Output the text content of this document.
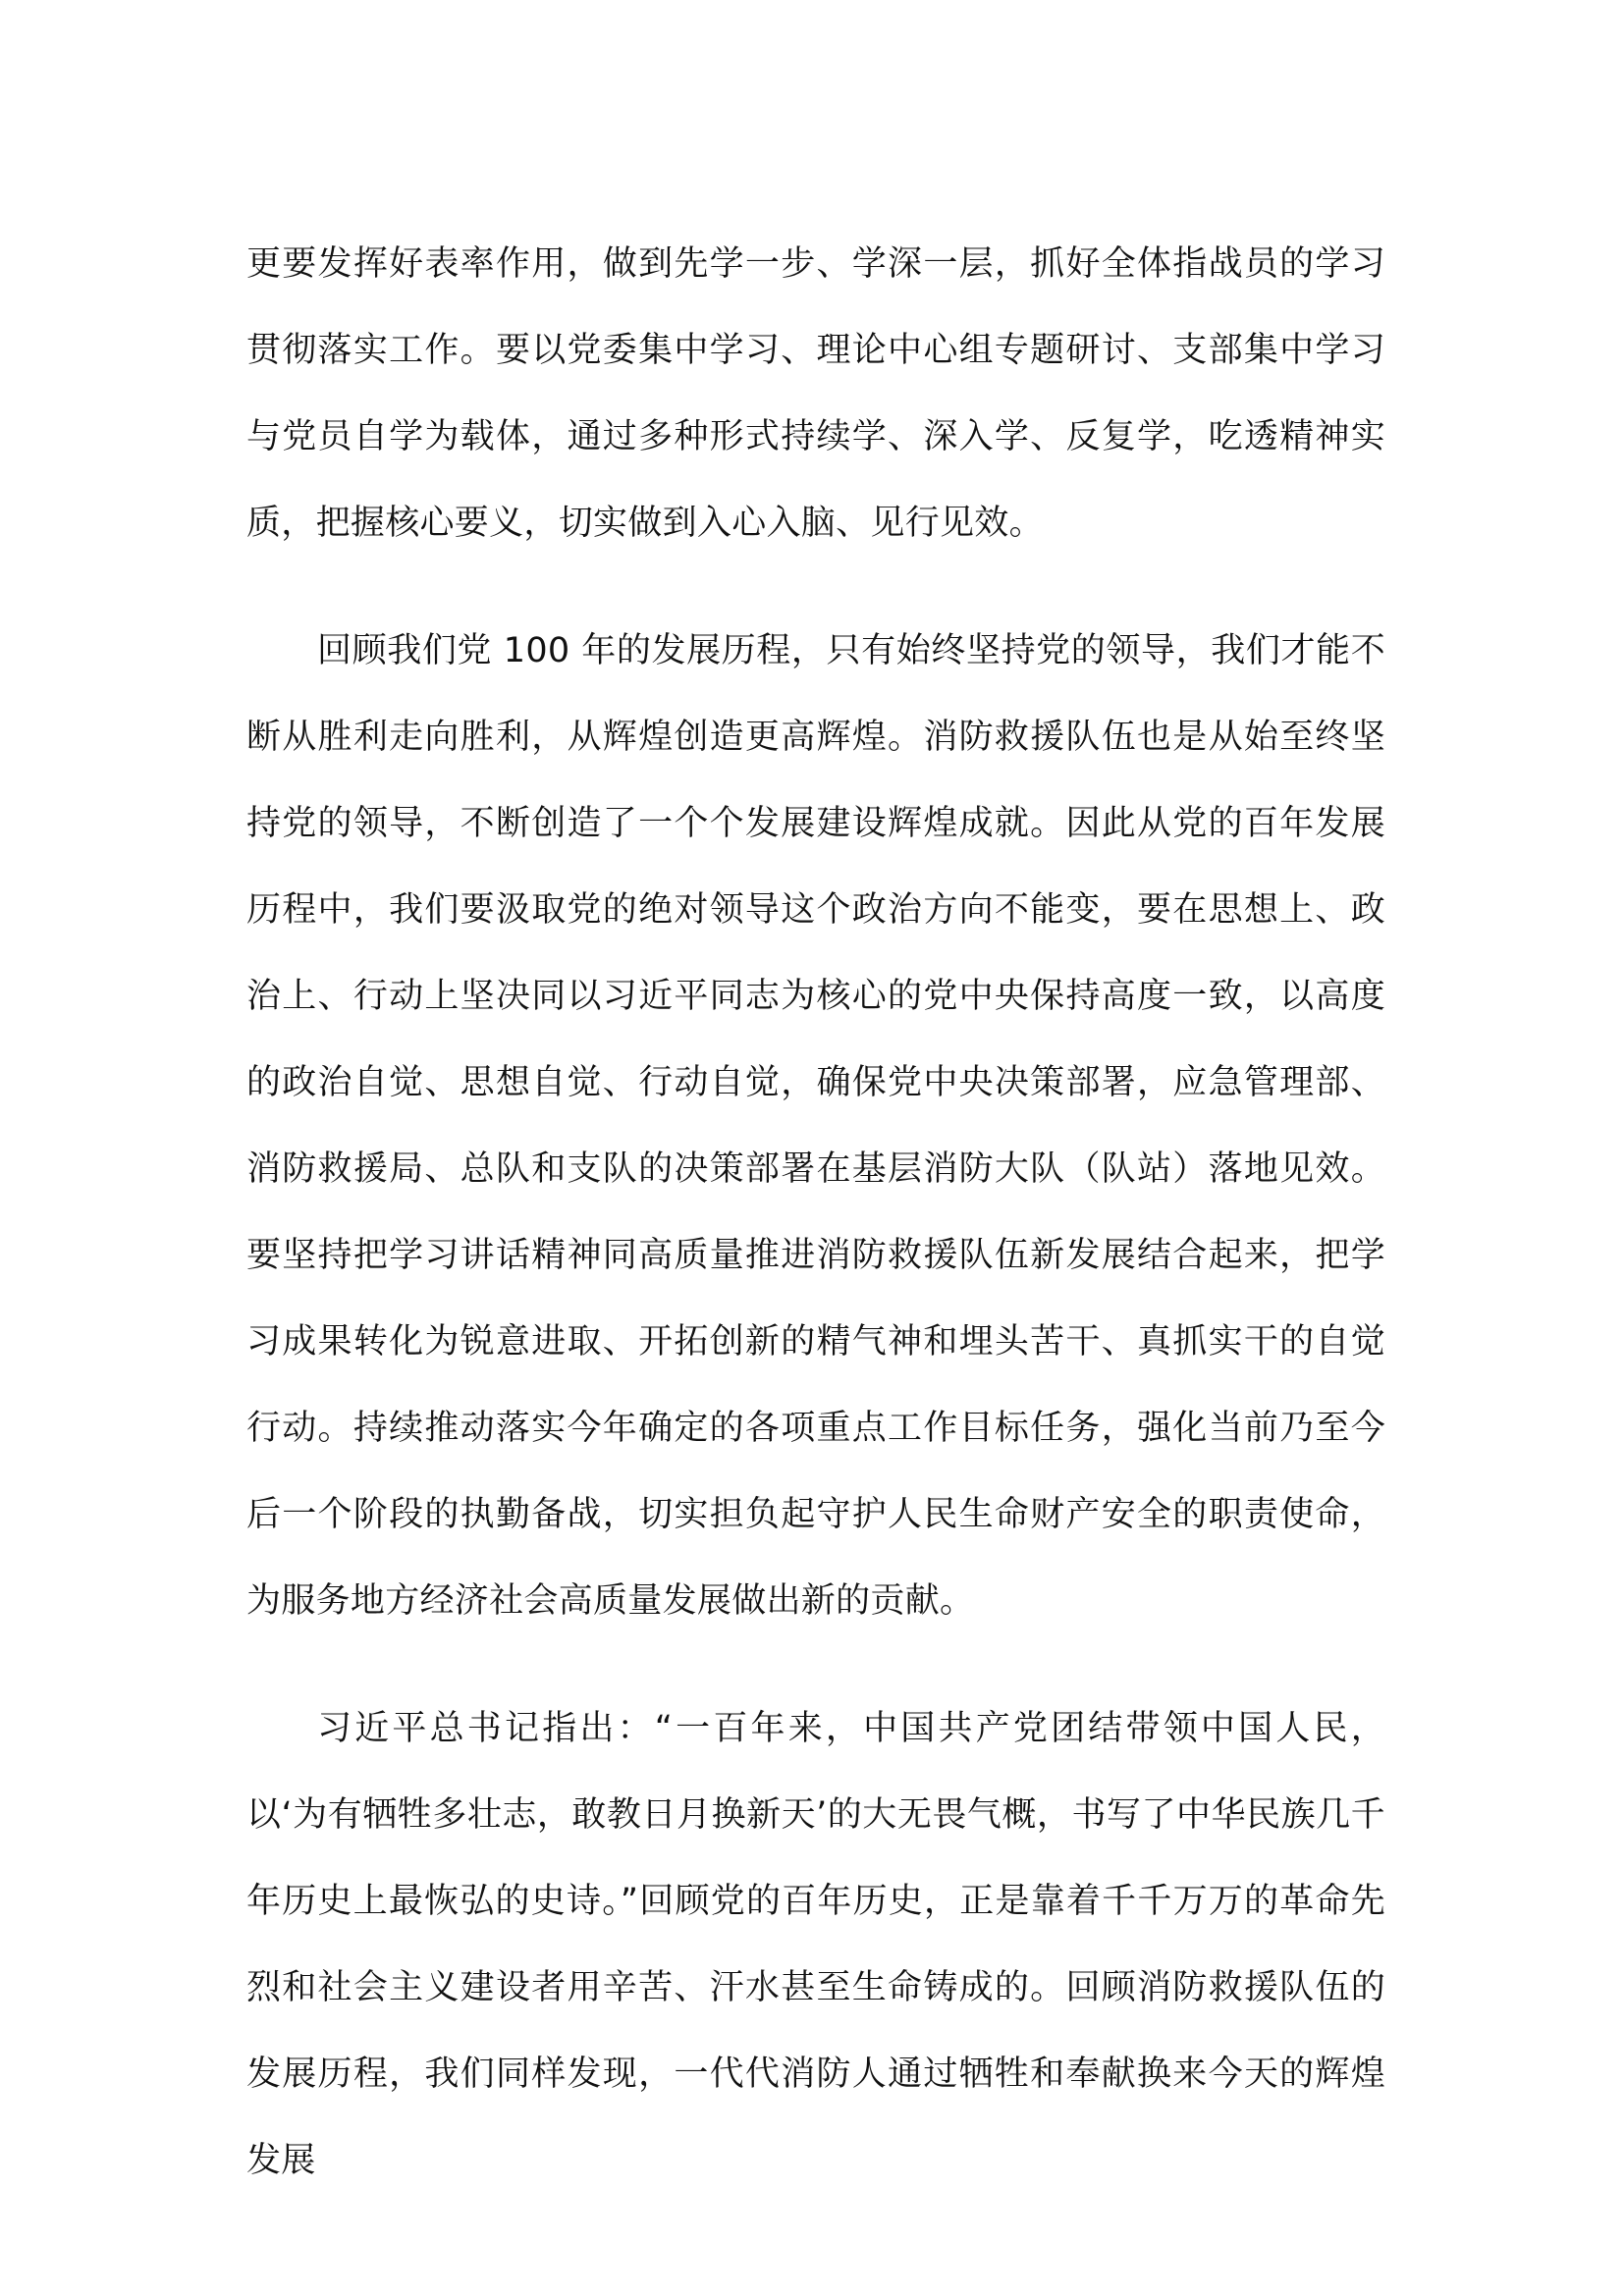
更要发挥好表率作用，做到先学一步、学深一层，抓好全体指战员的学习贯彻落实工作。要以党委集中学习、理论中心组专题研讨、支部集中学习与党员自学为载体，通过多种形式持续学、深入学、反复学，吃透精神实质，把握核心要义，切实做到入心入脑、见行见效。

回顾我们党 100 年的发展历程，只有始终坚持党的领导，我们才能不断从胜利走向胜利，从辉煌创造更高辉煌。消防救援队伍也是从始至终坚持党的领导，不断创造了一个个发展建设辉煌成就。因此从党的百年发展历程中，我们要汲取党的绝对领导这个政治方向不能变，要在思想上、政治上、行动上坚决同以习近平同志为核心的党中央保持高度一致，以高度的政治自觉、思想自觉、行动自觉，确保党中央决策部署，应急管理部、消防救援局、总队和支队的决策部署在基层消防大队（队站）落地见效。要坚持把学习讲话精神同高质量推进消防救援队伍新发展结合起来，把学习成果转化为锐意进取、开拓创新的精气神和埋头苦干、真抓实干的自觉行动。持续推动落实今年确定的各项重点工作目标任务，强化当前乃至今后一个阶段的执勤备战，切实担负起守护人民生命财产安全的职责使命，为服务地方经济社会高质量发展做出新的贡献。

习近平总书记指出：“一百年来，中国共产党团结带领中国人民，以‘为有牺牲多壮志，敢教日月换新天’的大无畏气概，书写了中华民族几千年历史上最恢弘的史诗。”回顾党的百年历史，正是靠着千千万万的革命先烈和社会主义建设者用辛苦、汗水甚至生命铸成的。回顾消防救援队伍的发展历程，我们同样发现，一代代消防人通过牺牲和奉献换来今天的辉煌发展
